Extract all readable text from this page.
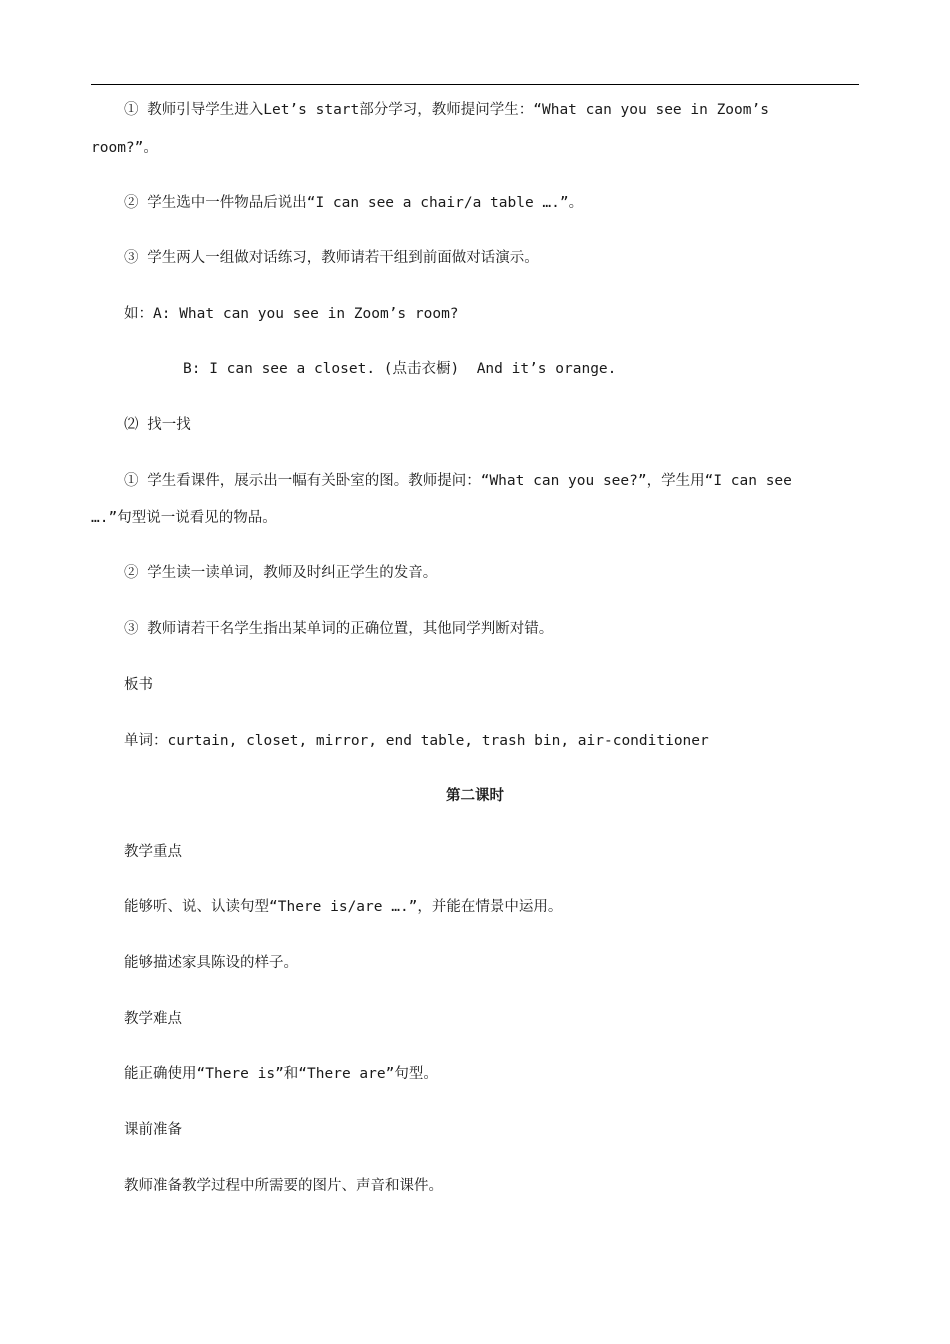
① 教师引导学生进入Let’s start部分学习，教师提问学生：“What can you see in Zoom’s
room?”。
② 学生选中一件物品后说出“I can see a chair/a table ….”。
③ 学生两人一组做对话练习，教师请若干组到前面做对话演示。
如：A: What can you see in Zoom’s room?
B: I can see a closet. (点击衣橱)  And it’s orange.
⑵ 找一找
① 学生看课件，展示出一幅有关卧室的图。教师提问：“What can you see?”，学生用“I can see
….”句型说一说看见的物品。
② 学生读一读单词，教师及时纠正学生的发音。
③ 教师请若干名学生指出某单词的正确位置，其他同学判断对错。
板书
单词：curtain, closet, mirror, end table, trash bin, air-conditioner
第二课时
教学重点
能够听、说、认读句型“There is/are ….”，并能在情景中运用。
能够描述家具陈设的样子。
教学难点
能正确使用“There is”和“There are”句型。
课前准备
教师准备教学过程中所需要的图片、声音和课件。
